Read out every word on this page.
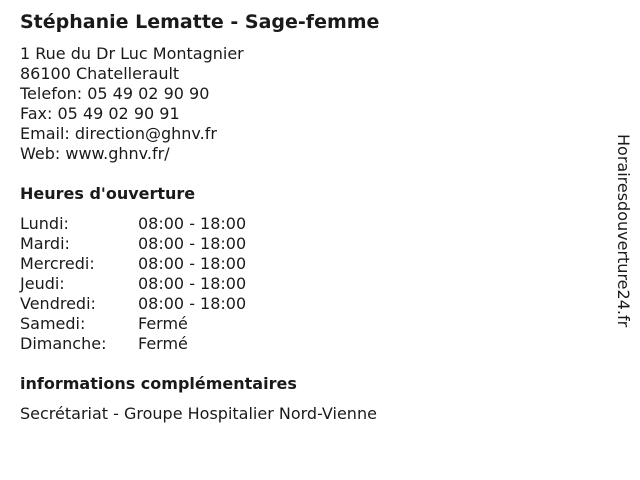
Stéphanie Lematte - Sage-femme
1 Rue du Dr Luc Montagnier
86100 Chatellerault
Telefon: 05 49 02 90 90
Fax: 05 49 02 90 91
Email: direction@ghnv.fr
Web: www.ghnv.fr/
Heures d'ouverture
Lundi:	08:00 - 18:00
Mardi:	08:00 - 18:00
Mercredi:	08:00 - 18:00
Jeudi:	08:00 - 18:00
Vendredi:	08:00 - 18:00
Samedi:	Fermé
Dimanche: Fermé
informations complémentaires
Secrétariat - Groupe Hospitalier Nord-Vienne
Horairesdouverture24.fr
